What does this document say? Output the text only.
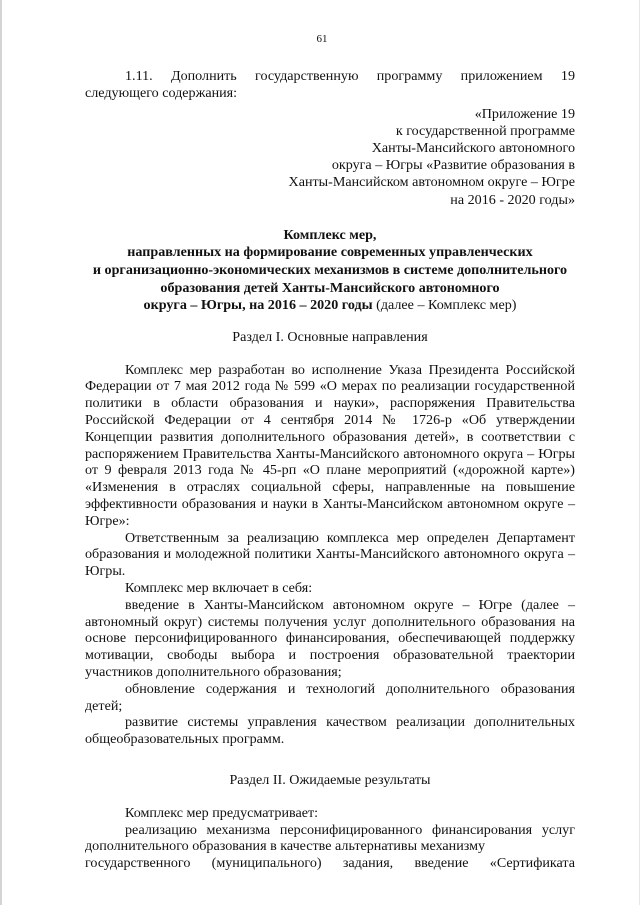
61

1.11. Дополнить государственную программу приложением 19

следующего содержания:

«Приложение 19
к государственной программе
Ханты-Мансийского автономного
округа – Югры «Развитие образования в
Ханты-Мансийском автономном округе – Югре
на 2016 - 2020 годы»
Комплекс мер,
направленных на формирование современных управленческих
и организационно-экономических механизмов в системе дополнительного
образования детей Ханты-Мансийского автономного
округа – Югры, на 2016 – 2020 годы (далее – Комплекс мер)
Раздел I. Основные направления

Комплекс мер разработан во исполнение Указа Президента Российской Федерации от 7 мая 2012 года № 599 «О мерах по реализации государственной политики в области образования и науки», распоряжения Правительства Российской Федерации от 4 сентября 2014 № 1726-р «Об утверждении Концепции развития дополнительного образования детей», в соответствии с распоряжением Правительства Ханты-Мансийского автономного округа – Югры от 9 февраля 2013 года № 45-рп «О плане мероприятий («дорожной карте») «Изменения в отраслях социальной сферы, направленные на повышение эффективности образования и науки в Ханты-Мансийском автономном округе – Югре»:

Ответственным за реализацию комплекса мер определен Департамент образования и молодежной политики Ханты-Мансийского автономного округа – Югры.

Комплекс мер включает в себя:

введение в Ханты-Мансийском автономном округе – Югре (далее – автономный округ) системы получения услуг дополнительного образования на основе персонифицированного финансирования, обеспечивающей поддержку мотивации, свободы выбора и построения образовательной траектории участников дополнительного образования;

обновление содержания и технологий дополнительного образования детей;

развитие системы управления качеством реализации дополнительных общеобразовательных программ.

Раздел II. Ожидаемые результаты

Комплекс мер предусматривает:

реализацию механизма персонифицированного финансирования услуг дополнительного образования в качестве альтернативы механизму

государственного (муниципального) задания, введение «Сертификата
